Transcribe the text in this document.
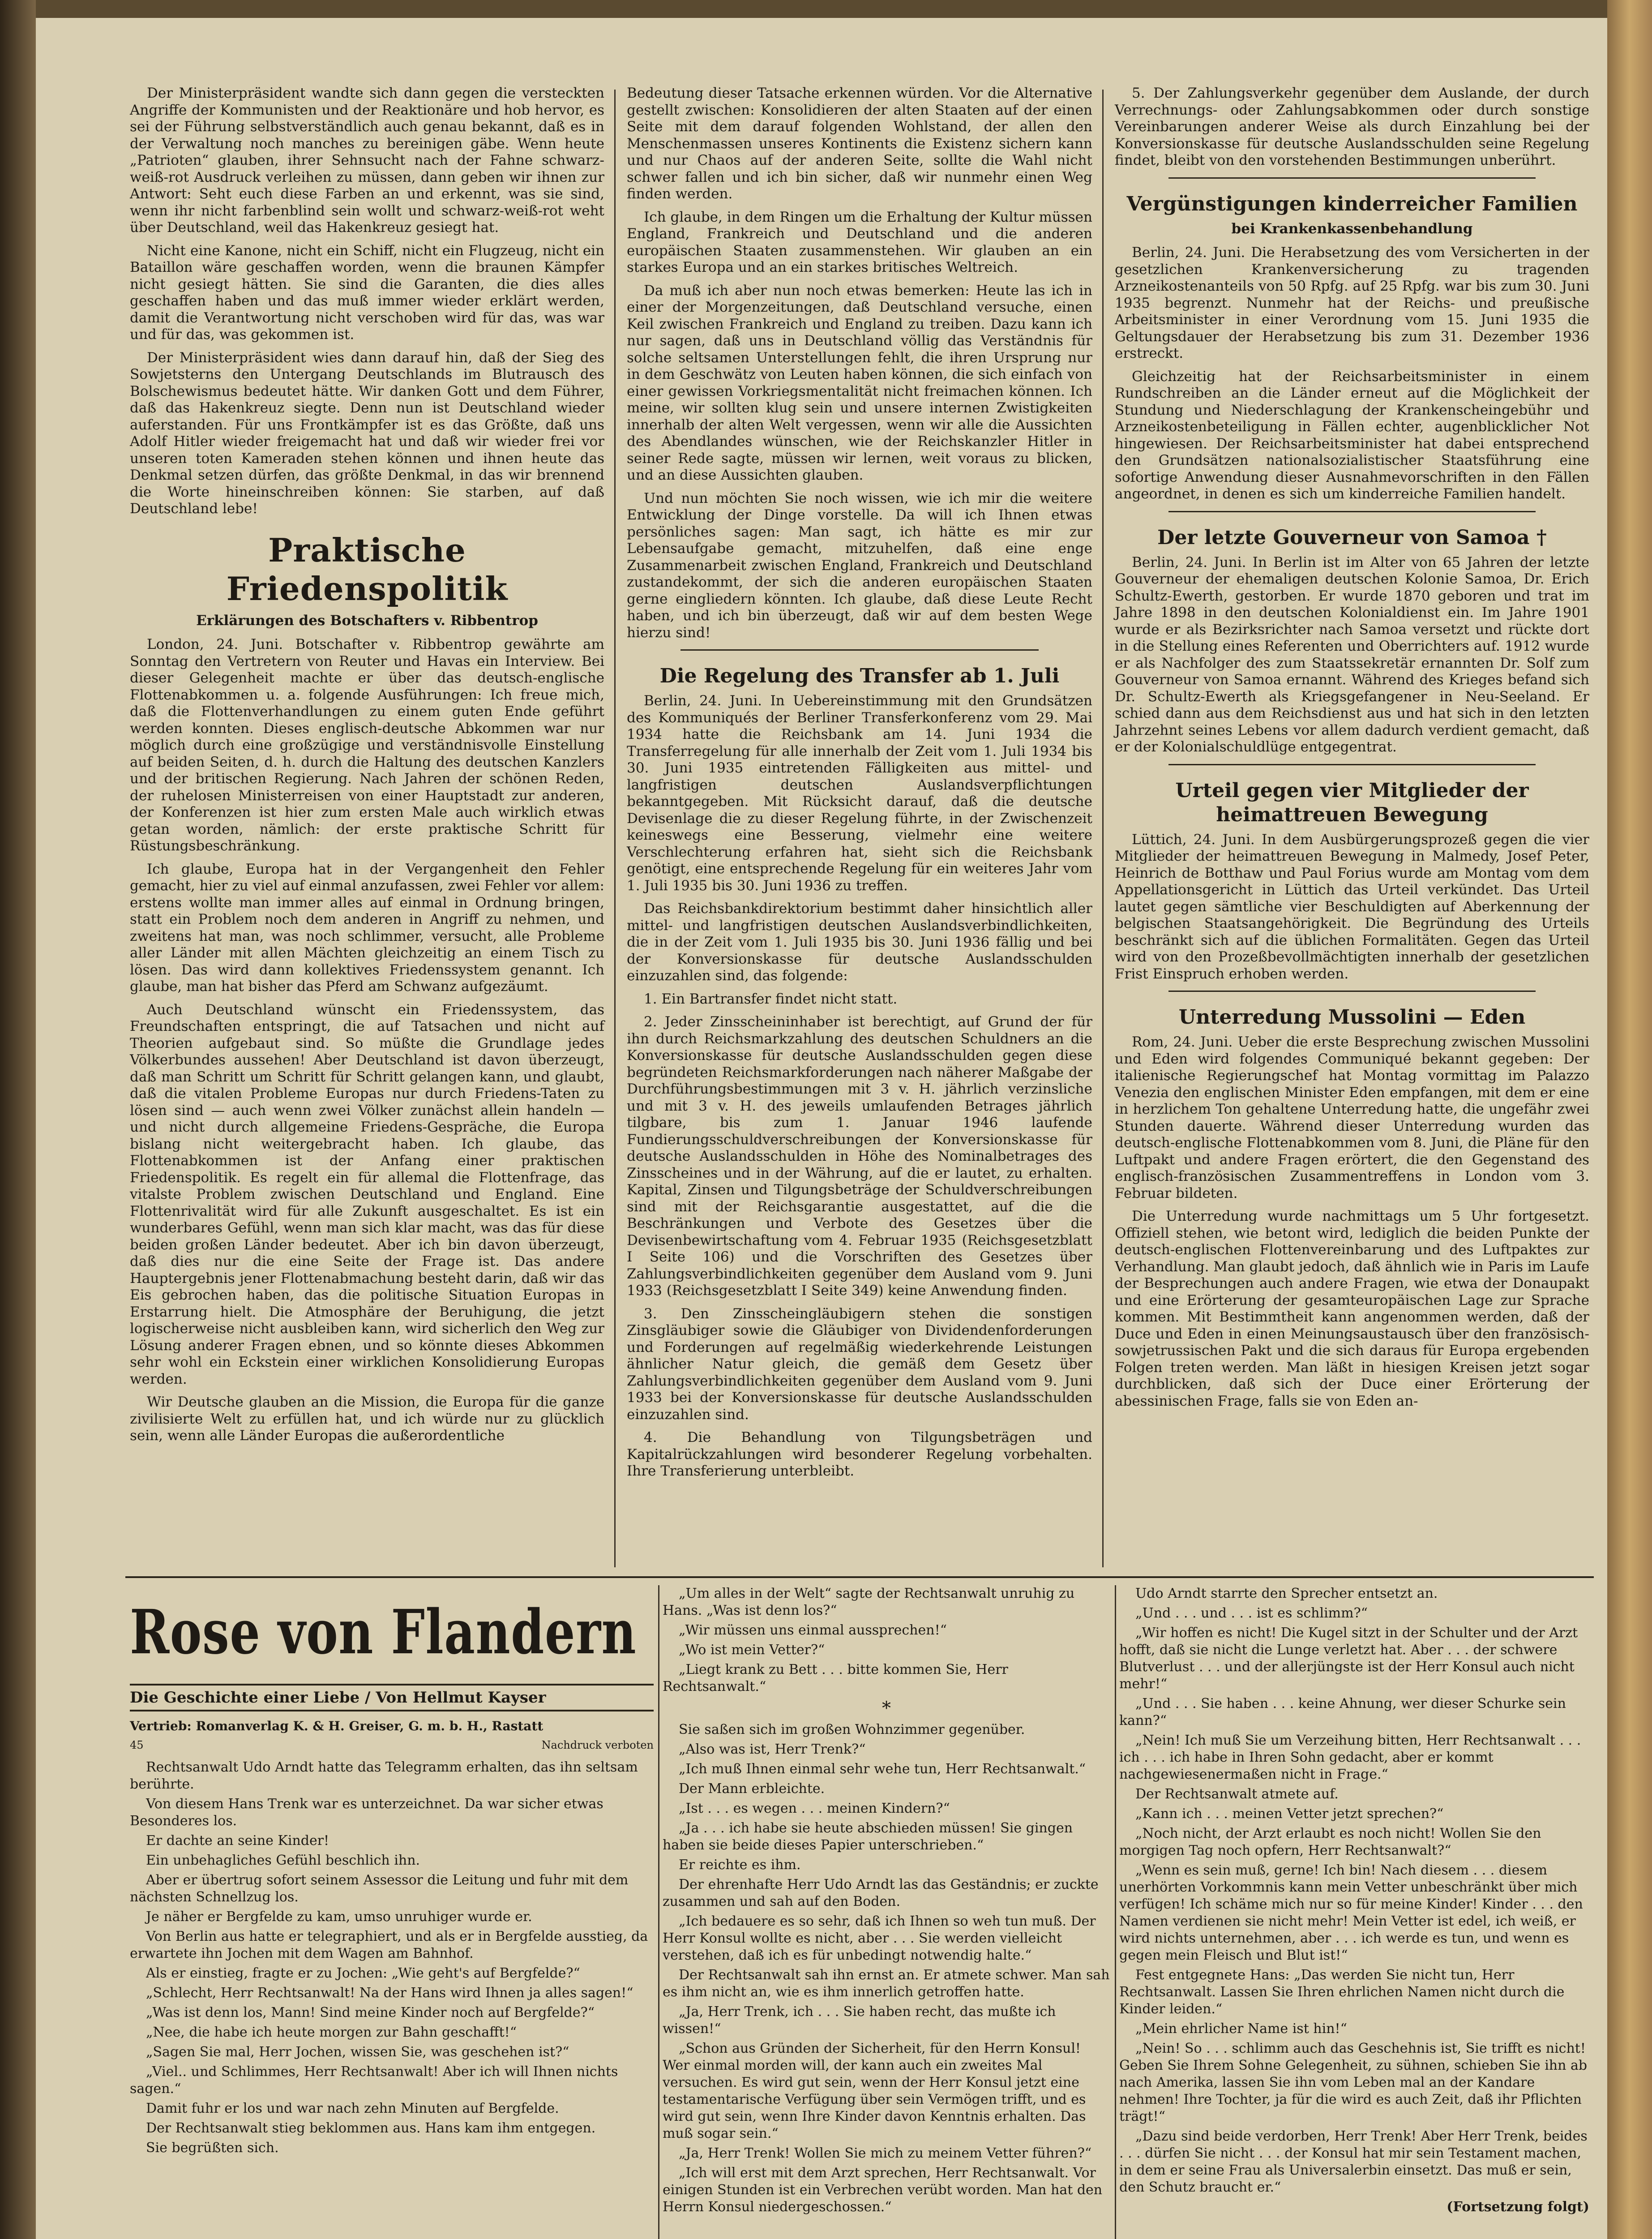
Der Ministerpräsident wandte sich dann gegen die versteckten Angriffe der Kommunisten und der Reaktionäre und hob hervor, es sei der Führung selbstverständlich auch genau bekannt, daß es in der Verwaltung noch manches zu bereinigen gäbe. Wenn heute „Patrioten“ glauben, ihrer Sehnsucht nach der Fahne schwarz-weiß-rot Ausdruck verleihen zu müssen, dann geben wir ihnen zur Antwort: Seht euch diese Farben an und erkennt, was sie sind, wenn ihr nicht farbenblind sein wollt und schwarz-weiß-rot weht über Deutschland, weil das Hakenkreuz gesiegt hat.

Nicht eine Kanone, nicht ein Schiff, nicht ein Flugzeug, nicht ein Bataillon wäre geschaffen worden, wenn die braunen Kämpfer nicht gesiegt hätten. Sie sind die Garanten, die dies alles geschaffen haben und das muß immer wieder erklärt werden, damit die Verantwortung nicht verschoben wird für das, was war und für das, was gekommen ist.

Der Ministerpräsident wies dann darauf hin, daß der Sieg des Sowjetsterns den Untergang Deutschlands im Blutrausch des Bolschewismus bedeutet hätte. Wir danken Gott und dem Führer, daß das Hakenkreuz siegte. Denn nun ist Deutschland wieder auferstanden. Für uns Frontkämpfer ist es das Größte, daß uns Adolf Hitler wieder freigemacht hat und daß wir wieder frei vor unseren toten Kameraden stehen können und ihnen heute das Denkmal setzen dürfen, das größte Denkmal, in das wir brennend die Worte hineinschreiben können: Sie starben, auf daß Deutschland lebe!

Praktische Friedenspolitik
Erklärungen des Botschafters v. Ribbentrop

London, 24. Juni. Botschafter v. Ribbentrop gewährte am Sonntag den Vertretern von Reuter und Havas ein Interview. Bei dieser Gelegenheit machte er über das deutsch-englische Flottenabkommen u. a. folgende Ausführungen: Ich freue mich, daß die Flottenverhandlungen zu einem guten Ende geführt werden konnten. Dieses englisch-deutsche Abkommen war nur möglich durch eine großzügige und verständnisvolle Einstellung auf beiden Seiten, d. h. durch die Haltung des deutschen Kanzlers und der britischen Regierung. Nach Jahren der schönen Reden, der ruhelosen Ministerreisen von einer Hauptstadt zur anderen, der Konferenzen ist hier zum ersten Male auch wirklich etwas getan worden, nämlich: der erste praktische Schritt für Rüstungsbeschränkung.

Ich glaube, Europa hat in der Vergangenheit den Fehler gemacht, hier zu viel auf einmal anzufassen, zwei Fehler vor allem: erstens wollte man immer alles auf einmal in Ordnung bringen, statt ein Problem noch dem anderen in Angriff zu nehmen, und zweitens hat man, was noch schlimmer, versucht, alle Probleme aller Länder mit allen Mächten gleichzeitig an einem Tisch zu lösen. Das wird dann kollektives Friedenssystem genannt. Ich glaube, man hat bisher das Pferd am Schwanz aufgezäumt.

Auch Deutschland wünscht ein Friedenssystem, das Freundschaften entspringt, die auf Tatsachen und nicht auf Theorien aufgebaut sind. So müßte die Grundlage jedes Völkerbundes aussehen! Aber Deutschland ist davon überzeugt, daß man Schritt um Schritt für Schritt gelangen kann, und glaubt, daß die vitalen Probleme Europas nur durch Friedens-Taten zu lösen sind — auch wenn zwei Völker zunächst allein handeln — und nicht durch allgemeine Friedens-Gespräche, die Europa bislang nicht weitergebracht haben. Ich glaube, das Flottenabkommen ist der Anfang einer praktischen Friedenspolitik. Es regelt ein für allemal die Flottenfrage, das vitalste Problem zwischen Deutschland und England. Eine Flottenrivalität wird für alle Zukunft ausgeschaltet. Es ist ein wunderbares Gefühl, wenn man sich klar macht, was das für diese beiden großen Länder bedeutet. Aber ich bin davon überzeugt, daß dies nur die eine Seite der Frage ist. Das andere Hauptergebnis jener Flottenabmachung besteht darin, daß wir das Eis gebrochen haben, das die politische Situation Europas in Erstarrung hielt. Die Atmosphäre der Beruhigung, die jetzt logischerweise nicht ausbleiben kann, wird sicherlich den Weg zur Lösung anderer Fragen ebnen, und so könnte dieses Abkommen sehr wohl ein Eckstein einer wirklichen Konsolidierung Europas werden.

Wir Deutsche glauben an die Mission, die Europa für die ganze zivilisierte Welt zu erfüllen hat, und ich würde nur zu glücklich sein, wenn alle Länder Europas die außerordentliche

Bedeutung dieser Tatsache erkennen würden. Vor die Alternative gestellt zwischen: Konsolidieren der alten Staaten auf der einen Seite mit dem darauf folgenden Wohlstand, der allen den Menschenmassen unseres Kontinents die Existenz sichern kann und nur Chaos auf der anderen Seite, sollte die Wahl nicht schwer fallen und ich bin sicher, daß wir nunmehr einen Weg finden werden.

Ich glaube, in dem Ringen um die Erhaltung der Kultur müssen England, Frankreich und Deutschland und die anderen europäischen Staaten zusammenstehen. Wir glauben an ein starkes Europa und an ein starkes britisches Weltreich.

Da muß ich aber nun noch etwas bemerken: Heute las ich in einer der Morgenzeitungen, daß Deutschland versuche, einen Keil zwischen Frankreich und England zu treiben. Dazu kann ich nur sagen, daß uns in Deutschland völlig das Verständnis für solche seltsamen Unterstellungen fehlt, die ihren Ursprung nur in dem Geschwätz von Leuten haben können, die sich einfach von einer gewissen Vorkriegsmentalität nicht freimachen können. Ich meine, wir sollten klug sein und unsere internen Zwistigkeiten innerhalb der alten Welt vergessen, wenn wir alle die Aussichten des Abendlandes wünschen, wie der Reichskanzler Hitler in seiner Rede sagte, müssen wir lernen, weit voraus zu blicken, und an diese Aussichten glauben.

Und nun möchten Sie noch wissen, wie ich mir die weitere Entwicklung der Dinge vorstelle. Da will ich Ihnen etwas persönliches sagen: Man sagt, ich hätte es mir zur Lebensaufgabe gemacht, mitzuhelfen, daß eine enge Zusammenarbeit zwischen England, Frankreich und Deutschland zustandekommt, der sich die anderen europäischen Staaten gerne eingliedern könnten. Ich glaube, daß diese Leute Recht haben, und ich bin überzeugt, daß wir auf dem besten Wege hierzu sind!

Die Regelung des Transfer ab 1. Juli

Berlin, 24. Juni. In Uebereinstimmung mit den Grundsätzen des Kommuniqués der Berliner Transferkonferenz vom 29. Mai 1934 hatte die Reichsbank am 14. Juni 1934 die Transferregelung für alle innerhalb der Zeit vom 1. Juli 1934 bis 30. Juni 1935 eintretenden Fälligkeiten aus mittel- und langfristigen deutschen Auslandsverpflichtungen bekanntgegeben. Mit Rücksicht darauf, daß die deutsche Devisenlage die zu dieser Regelung führte, in der Zwischenzeit keineswegs eine Besserung, vielmehr eine weitere Verschlechterung erfahren hat, sieht sich die Reichsbank genötigt, eine entsprechende Regelung für ein weiteres Jahr vom 1. Juli 1935 bis 30. Juni 1936 zu treffen.

Das Reichsbankdirektorium bestimmt daher hinsichtlich aller mittel- und langfristigen deutschen Auslandsverbindlichkeiten, die in der Zeit vom 1. Juli 1935 bis 30. Juni 1936 fällig und bei der Konversionskasse für deutsche Auslandsschulden einzuzahlen sind, das folgende:

1. Ein Bartransfer findet nicht statt.

2. Jeder Zinsscheininhaber ist berechtigt, auf Grund der für ihn durch Reichsmarkzahlung des deutschen Schuldners an die Konversionskasse für deutsche Auslandsschulden gegen diese begründeten Reichsmarkforderungen nach näherer Maßgabe der Durchführungsbestimmungen mit 3 v. H. jährlich verzinsliche und mit 3 v. H. des jeweils umlaufenden Betrages jährlich tilgbare, bis zum 1. Januar 1946 laufende Fundierungsschuldverschreibungen der Konversionskasse für deutsche Auslandsschulden in Höhe des Nominalbetrages des Zinsscheines und in der Währung, auf die er lautet, zu erhalten. Kapital, Zinsen und Tilgungsbeträge der Schuldverschreibungen sind mit der Reichsgarantie ausgestattet, auf die die Beschränkungen und Verbote des Gesetzes über die Devisenbewirtschaftung vom 4. Februar 1935 (Reichsgesetzblatt I Seite 106) und die Vorschriften des Gesetzes über Zahlungsverbindlichkeiten gegenüber dem Ausland vom 9. Juni 1933 (Reichsgesetzblatt I Seite 349) keine Anwendung finden.

3. Den Zinsscheingläubigern stehen die sonstigen Zinsgläubiger sowie die Gläubiger von Dividendenforderungen und Forderungen auf regelmäßig wiederkehrende Leistungen ähnlicher Natur gleich, die gemäß dem Gesetz über Zahlungsverbindlichkeiten gegenüber dem Ausland vom 9. Juni 1933 bei der Konversionskasse für deutsche Auslandsschulden einzuzahlen sind.

4. Die Behandlung von Tilgungsbeträgen und Kapitalrückzahlungen wird besonderer Regelung vorbehalten. Ihre Transferierung unterbleibt.

5. Der Zahlungsverkehr gegenüber dem Auslande, der durch Verrechnungs- oder Zahlungsabkommen oder durch sonstige Vereinbarungen anderer Weise als durch Einzahlung bei der Konversionskasse für deutsche Auslandsschulden seine Regelung findet, bleibt von den vorstehenden Bestimmungen unberührt.

Vergünstigungen kinderreicher Familien
bei Krankenkassenbehandlung

Berlin, 24. Juni. Die Herabsetzung des vom Versicherten in der gesetzlichen Krankenversicherung zu tragenden Arzneikostenanteils von 50 Rpfg. auf 25 Rpfg. war bis zum 30. Juni 1935 begrenzt. Nunmehr hat der Reichs- und preußische Arbeitsminister in einer Verordnung vom 15. Juni 1935 die Geltungsdauer der Herabsetzung bis zum 31. Dezember 1936 erstreckt.

Gleichzeitig hat der Reichsarbeitsminister in einem Rundschreiben an die Länder erneut auf die Möglichkeit der Stundung und Niederschlagung der Krankenscheingebühr und Arzneikostenbeteiligung in Fällen echter, augenblicklicher Not hingewiesen. Der Reichsarbeitsminister hat dabei entsprechend den Grundsätzen nationalsozialistischer Staatsführung eine sofortige Anwendung dieser Ausnahmevorschriften in den Fällen angeordnet, in denen es sich um kinderreiche Familien handelt.

Der letzte Gouverneur von Samoa †

Berlin, 24. Juni. In Berlin ist im Alter von 65 Jahren der letzte Gouverneur der ehemaligen deutschen Kolonie Samoa, Dr. Erich Schultz-Ewerth, gestorben. Er wurde 1870 geboren und trat im Jahre 1898 in den deutschen Kolonialdienst ein. Im Jahre 1901 wurde er als Bezirksrichter nach Samoa versetzt und rückte dort in die Stellung eines Referenten und Oberrichters auf. 1912 wurde er als Nachfolger des zum Staatssekretär ernannten Dr. Solf zum Gouverneur von Samoa ernannt. Während des Krieges befand sich Dr. Schultz-Ewerth als Kriegsgefangener in Neu-Seeland. Er schied dann aus dem Reichsdienst aus und hat sich in den letzten Jahrzehnt seines Lebens vor allem dadurch verdient gemacht, daß er der Kolonialschuldlüge entgegentrat.

Urteil gegen vier Mitglieder der heimattreuen Bewegung

Lüttich, 24. Juni. In dem Ausbürgerungsprozeß gegen die vier Mitglieder der heimattreuen Bewegung in Malmedy, Josef Peter, Heinrich de Botthaw und Paul Forius wurde am Montag vom dem Appellationsgericht in Lüttich das Urteil verkündet. Das Urteil lautet gegen sämtliche vier Beschuldigten auf Aberkennung der belgischen Staatsangehörigkeit. Die Begründung des Urteils beschränkt sich auf die üblichen Formalitäten. Gegen das Urteil wird von den Prozeßbevollmächtigten innerhalb der gesetzlichen Frist Einspruch erhoben werden.

Unterredung Mussolini — Eden

Rom, 24. Juni. Ueber die erste Besprechung zwischen Mussolini und Eden wird folgendes Communiqué bekannt gegeben: Der italienische Regierungschef hat Montag vormittag im Palazzo Venezia den englischen Minister Eden empfangen, mit dem er eine in herzlichem Ton gehaltene Unterredung hatte, die ungefähr zwei Stunden dauerte. Während dieser Unterredung wurden das deutsch-englische Flottenabkommen vom 8. Juni, die Pläne für den Luftpakt und andere Fragen erörtert, die den Gegenstand des englisch-französischen Zusammentreffens in London vom 3. Februar bildeten.

Die Unterredung wurde nachmittags um 5 Uhr fortgesetzt. Offiziell stehen, wie betont wird, lediglich die beiden Punkte der deutsch-englischen Flottenvereinbarung und des Luftpaktes zur Verhandlung. Man glaubt jedoch, daß ähnlich wie in Paris im Laufe der Besprechungen auch andere Fragen, wie etwa der Donaupakt und eine Erörterung der gesamteuropäischen Lage zur Sprache kommen. Mit Bestimmtheit kann angenommen werden, daß der Duce und Eden in einen Meinungsaustausch über den französisch-sowjetrussischen Pakt und die sich daraus für Europa ergebenden Folgen treten werden. Man läßt in hiesigen Kreisen jetzt sogar durchblicken, daß sich der Duce einer Erörterung der abessinischen Frage, falls sie von Eden an-

Rose von Flandern
Die Geschichte einer Liebe / Von Hellmut Kayser
Vertrieb: Romanverlag K. & H. Greiser, G. m. b. H., Rastatt
45	Nachdruck verboten

Rechtsanwalt Udo Arndt hatte das Telegramm erhalten, das ihn seltsam berührte.

Von diesem Hans Trenk war es unterzeichnet. Da war sicher etwas Besonderes los.

Er dachte an seine Kinder!

Ein unbehagliches Gefühl beschlich ihn.

Aber er übertrug sofort seinem Assessor die Leitung und fuhr mit dem nächsten Schnellzug los.

Je näher er Bergfelde zu kam, umso unruhiger wurde er.

Von Berlin aus hatte er telegraphiert, und als er in Bergfelde ausstieg, da erwartete ihn Jochen mit dem Wagen am Bahnhof.

Als er einstieg, fragte er zu Jochen: „Wie geht's auf Bergfelde?“

„Schlecht, Herr Rechtsanwalt! Na der Hans wird Ihnen ja alles sagen!“

„Was ist denn los, Mann! Sind meine Kinder noch auf Bergfelde?“

„Nee, die habe ich heute morgen zur Bahn geschafft!“

„Sagen Sie mal, Herr Jochen, wissen Sie, was geschehen ist?“

„Viel.. und Schlimmes, Herr Rechtsanwalt! Aber ich will Ihnen nichts sagen.“

Damit fuhr er los und war nach zehn Minuten auf Bergfelde.

Der Rechtsanwalt stieg beklommen aus. Hans kam ihm entgegen.

Sie begrüßten sich.

„Um alles in der Welt“ sagte der Rechtsanwalt unruhig zu Hans. „Was ist denn los?“

„Wir müssen uns einmal aussprechen!“

„Wo ist mein Vetter?“

„Liegt krank zu Bett . . . bitte kommen Sie, Herr Rechtsanwalt.“

*

Sie saßen sich im großen Wohnzimmer gegenüber.

„Also was ist, Herr Trenk?“

„Ich muß Ihnen einmal sehr wehe tun, Herr Rechtsanwalt.“

Der Mann erbleichte.

„Ist . . . es wegen . . . meinen Kindern?“

„Ja . . . ich habe sie heute abschieden müssen! Sie gingen haben sie beide dieses Papier unterschrieben.“

Er reichte es ihm.

Der ehrenhafte Herr Udo Arndt las das Geständnis; er zuckte zusammen und sah auf den Boden.

„Ich bedauere es so sehr, daß ich Ihnen so weh tun muß. Der Herr Konsul wollte es nicht, aber . . . Sie werden vielleicht verstehen, daß ich es für unbedingt notwendig halte.“

Der Rechtsanwalt sah ihn ernst an. Er atmete schwer. Man sah es ihm nicht an, wie es ihm innerlich getroffen hatte.

„Ja, Herr Trenk, ich . . . Sie haben recht, das mußte ich wissen!“

„Schon aus Gründen der Sicherheit, für den Herrn Konsul! Wer einmal morden will, der kann auch ein zweites Mal versuchen. Es wird gut sein, wenn der Herr Konsul jetzt eine testamentarische Verfügung über sein Vermögen trifft, und es wird gut sein, wenn Ihre Kinder davon Kenntnis erhalten. Das muß sogar sein.“

„Ja, Herr Trenk! Wollen Sie mich zu meinem Vetter führen?“

„Ich will erst mit dem Arzt sprechen, Herr Rechtsanwalt. Vor einigen Stunden ist ein Verbrechen verübt worden. Man hat den Herrn Konsul niedergeschossen.“

Udo Arndt starrte den Sprecher entsetzt an.

„Und . . . und . . . ist es schlimm?“

„Wir hoffen es nicht! Die Kugel sitzt in der Schulter und der Arzt hofft, daß sie nicht die Lunge verletzt hat. Aber . . . der schwere Blutverlust . . . und der allerjüngste ist der Herr Konsul auch nicht mehr!“

„Und . . . Sie haben . . . keine Ahnung, wer dieser Schurke sein kann?“

„Nein! Ich muß Sie um Verzeihung bitten, Herr Rechtsanwalt . . . ich . . . ich habe in Ihren Sohn gedacht, aber er kommt nachgewiesenermaßen nicht in Frage.“

Der Rechtsanwalt atmete auf.

„Kann ich . . . meinen Vetter jetzt sprechen?“

„Noch nicht, der Arzt erlaubt es noch nicht! Wollen Sie den morgigen Tag noch opfern, Herr Rechtsanwalt?“

„Wenn es sein muß, gerne! Ich bin! Nach diesem . . . diesem unerhörten Vorkommnis kann mein Vetter unbeschränkt über mich verfügen! Ich schäme mich nur so für meine Kinder! Kinder . . . den Namen verdienen sie nicht mehr! Mein Vetter ist edel, ich weiß, er wird nichts unternehmen, aber . . . ich werde es tun, und wenn es gegen mein Fleisch und Blut ist!“

Fest entgegnete Hans: „Das werden Sie nicht tun, Herr Rechtsanwalt. Lassen Sie Ihren ehrlichen Namen nicht durch die Kinder leiden.“

„Mein ehrlicher Name ist hin!“

„Nein! So . . . schlimm auch das Geschehnis ist, Sie trifft es nicht! Geben Sie Ihrem Sohne Gelegenheit, zu sühnen, schieben Sie ihn ab nach Amerika, lassen Sie ihn vom Leben mal an der Kandare nehmen! Ihre Tochter, ja für die wird es auch Zeit, daß ihr Pflichten trägt!“

„Dazu sind beide verdorben, Herr Trenk! Aber Herr Trenk, beides . . . dürfen Sie nicht . . . der Konsul hat mir sein Testament machen, in dem er seine Frau als Universalerbin einsetzt. Das muß er sein, den Schutz braucht er.“

(Fortsetzung folgt)
